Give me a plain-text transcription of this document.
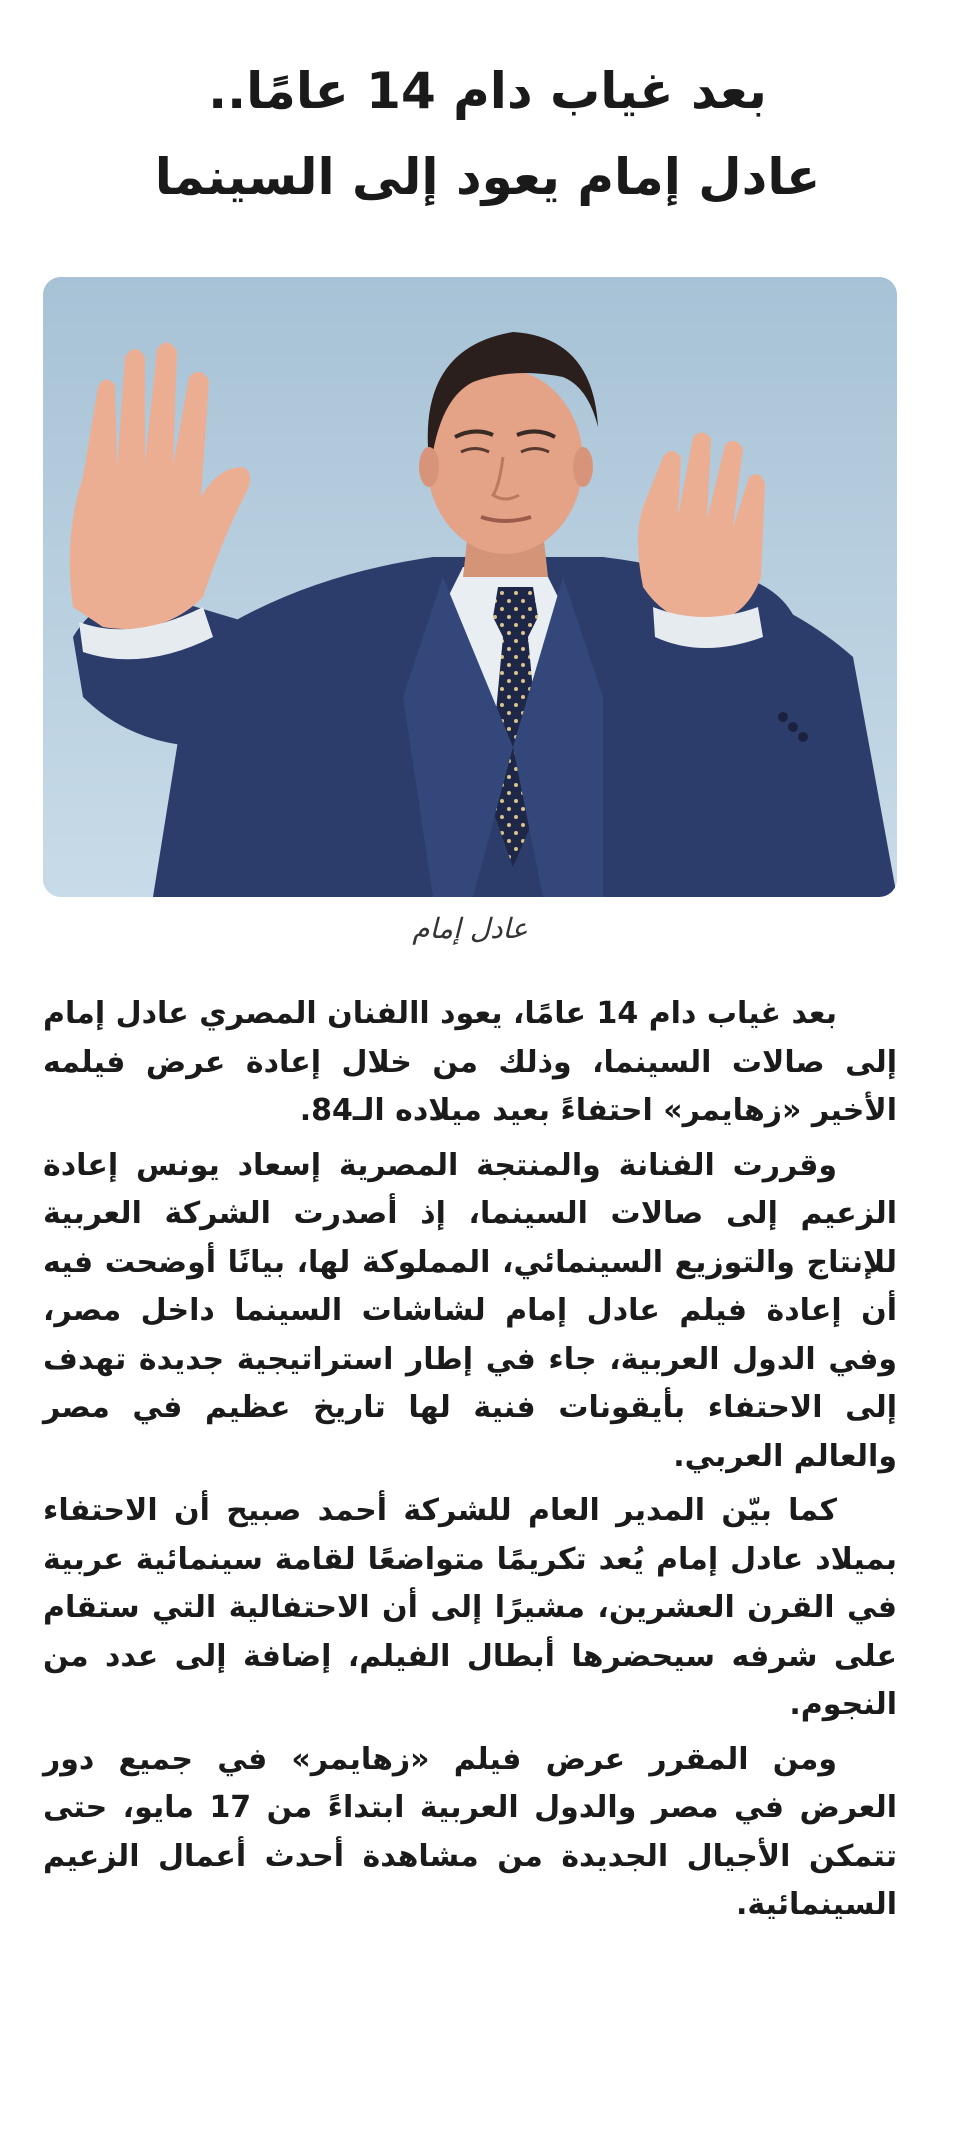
بعد غياب دام 14 عامًا..
عادل إمام يعود إلى السينما
عادل إمام

بعد غياب دام 14 عامًا، يعود االفنان المصري عادل إمام إلى صالات السينما، وذلك من خلال إعادة عرض فيلمه الأخير «زهايمر» احتفاءً بعيد ميلاده الـ84.

وقررت الفنانة والمنتجة المصرية إسعاد يونس إعادة الزعيم إلى صالات السينما، إذ أصدرت الشركة العربية للإنتاج والتوزيع السينمائي، المملوكة لها، بيانًا أوضحت فيه أن إعادة فيلم عادل إمام لشاشات السينما داخل مصر، وفي الدول العربية، جاء في إطار استراتيجية جديدة تهدف إلى الاحتفاء بأيقونات فنية لها تاريخ عظيم في مصر والعالم العربي.

كما بيّن المدير العام للشركة أحمد صبيح أن الاحتفاء بميلاد عادل إمام يُعد تكريمًا متواضعًا لقامة سينمائية عربية في القرن العشرين، مشيرًا إلى أن الاحتفالية التي ستقام على شرفه سيحضرها أبطال الفيلم، إضافة إلى عدد من النجوم.

ومن المقرر عرض فيلم «زهايمر» في جميع دور العرض في مصر والدول العربية ابتداءً من 17 مايو، حتى تتمكن الأجيال الجديدة من مشاهدة أحدث أعمال الزعيم السينمائية.
